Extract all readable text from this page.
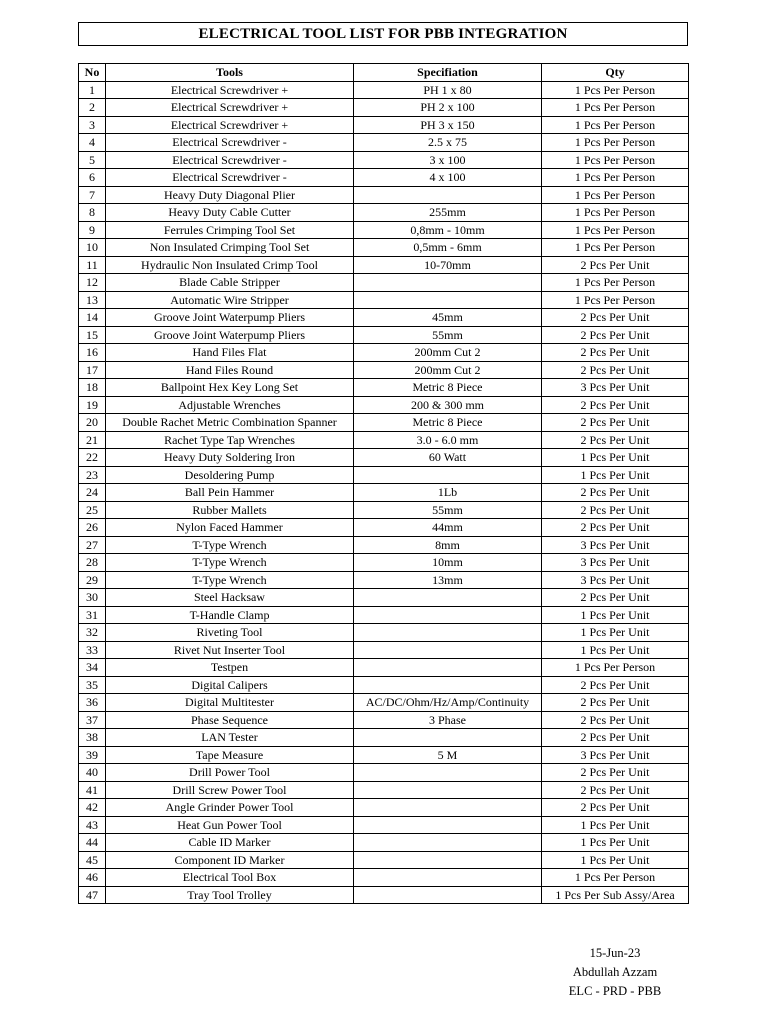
ELECTRICAL TOOL LIST FOR PBB INTEGRATION
No	Tools	Specifiation	Qty
1	Electrical Screwdriver +	PH 1 x 80	1 Pcs Per Person
2	Electrical Screwdriver +	PH 2 x 100	1 Pcs Per Person
3	Electrical Screwdriver +	PH 3 x 150	1 Pcs Per Person
4	Electrical Screwdriver -	2.5 x 75	1 Pcs Per Person
5	Electrical Screwdriver -	3 x 100	1 Pcs Per Person
6	Electrical Screwdriver -	4 x 100	1 Pcs Per Person
7	Heavy Duty Diagonal Plier		1 Pcs Per Person
8	Heavy Duty Cable Cutter	255mm	1 Pcs Per Person
9	Ferrules Crimping Tool Set	0,8mm - 10mm	1 Pcs Per Person
10	Non Insulated Crimping Tool Set	0,5mm - 6mm	1 Pcs Per Person
11	Hydraulic Non Insulated Crimp Tool	10-70mm	2 Pcs Per Unit
12	Blade Cable Stripper		1 Pcs Per Person
13	Automatic Wire Stripper		1 Pcs Per Person
14	Groove Joint Waterpump Pliers	45mm	2 Pcs Per Unit
15	Groove Joint Waterpump Pliers	55mm	2 Pcs Per Unit
16	Hand Files Flat	200mm Cut 2	2 Pcs Per Unit
17	Hand Files Round	200mm Cut 2	2 Pcs Per Unit
18	Ballpoint Hex Key Long Set	Metric 8 Piece	3 Pcs Per Unit
19	Adjustable Wrenches	200 & 300 mm	2 Pcs Per Unit
20	Double Rachet Metric Combination Spanner	Metric 8 Piece	2 Pcs Per Unit
21	Rachet Type Tap Wrenches	3.0 - 6.0 mm	2 Pcs Per Unit
22	Heavy Duty Soldering Iron	60 Watt	1 Pcs Per Unit
23	Desoldering Pump		1 Pcs Per Unit
24	Ball Pein Hammer	1Lb	2 Pcs Per Unit
25	Rubber Mallets	55mm	2 Pcs Per Unit
26	Nylon Faced Hammer	44mm	2 Pcs Per Unit
27	T-Type Wrench	8mm	3 Pcs Per Unit
28	T-Type Wrench	10mm	3 Pcs Per Unit
29	T-Type Wrench	13mm	3 Pcs Per Unit
30	Steel Hacksaw		2 Pcs Per Unit
31	T-Handle Clamp		1 Pcs Per Unit
32	Riveting Tool		1 Pcs Per Unit
33	Rivet Nut Inserter Tool		1 Pcs Per Unit
34	Testpen		1 Pcs Per Person
35	Digital Calipers		2 Pcs Per Unit
36	Digital Multitester	AC/DC/Ohm/Hz/Amp/Continuity	2 Pcs Per Unit
37	Phase Sequence	3 Phase	2 Pcs Per Unit
38	LAN Tester		2 Pcs Per Unit
39	Tape Measure	5 M	3 Pcs Per Unit
40	Drill Power Tool		2 Pcs Per Unit
41	Drill Screw Power Tool		2 Pcs Per Unit
42	Angle Grinder Power Tool		2 Pcs Per Unit
43	Heat Gun Power Tool		1 Pcs Per Unit
44	Cable ID Marker		1 Pcs Per Unit
45	Component ID Marker		1 Pcs Per Unit
46	Electrical Tool Box		1 Pcs Per Person
47	Tray Tool Trolley		1 Pcs Per Sub Assy/Area
15-Jun-23
Abdullah Azzam
ELC - PRD - PBB
